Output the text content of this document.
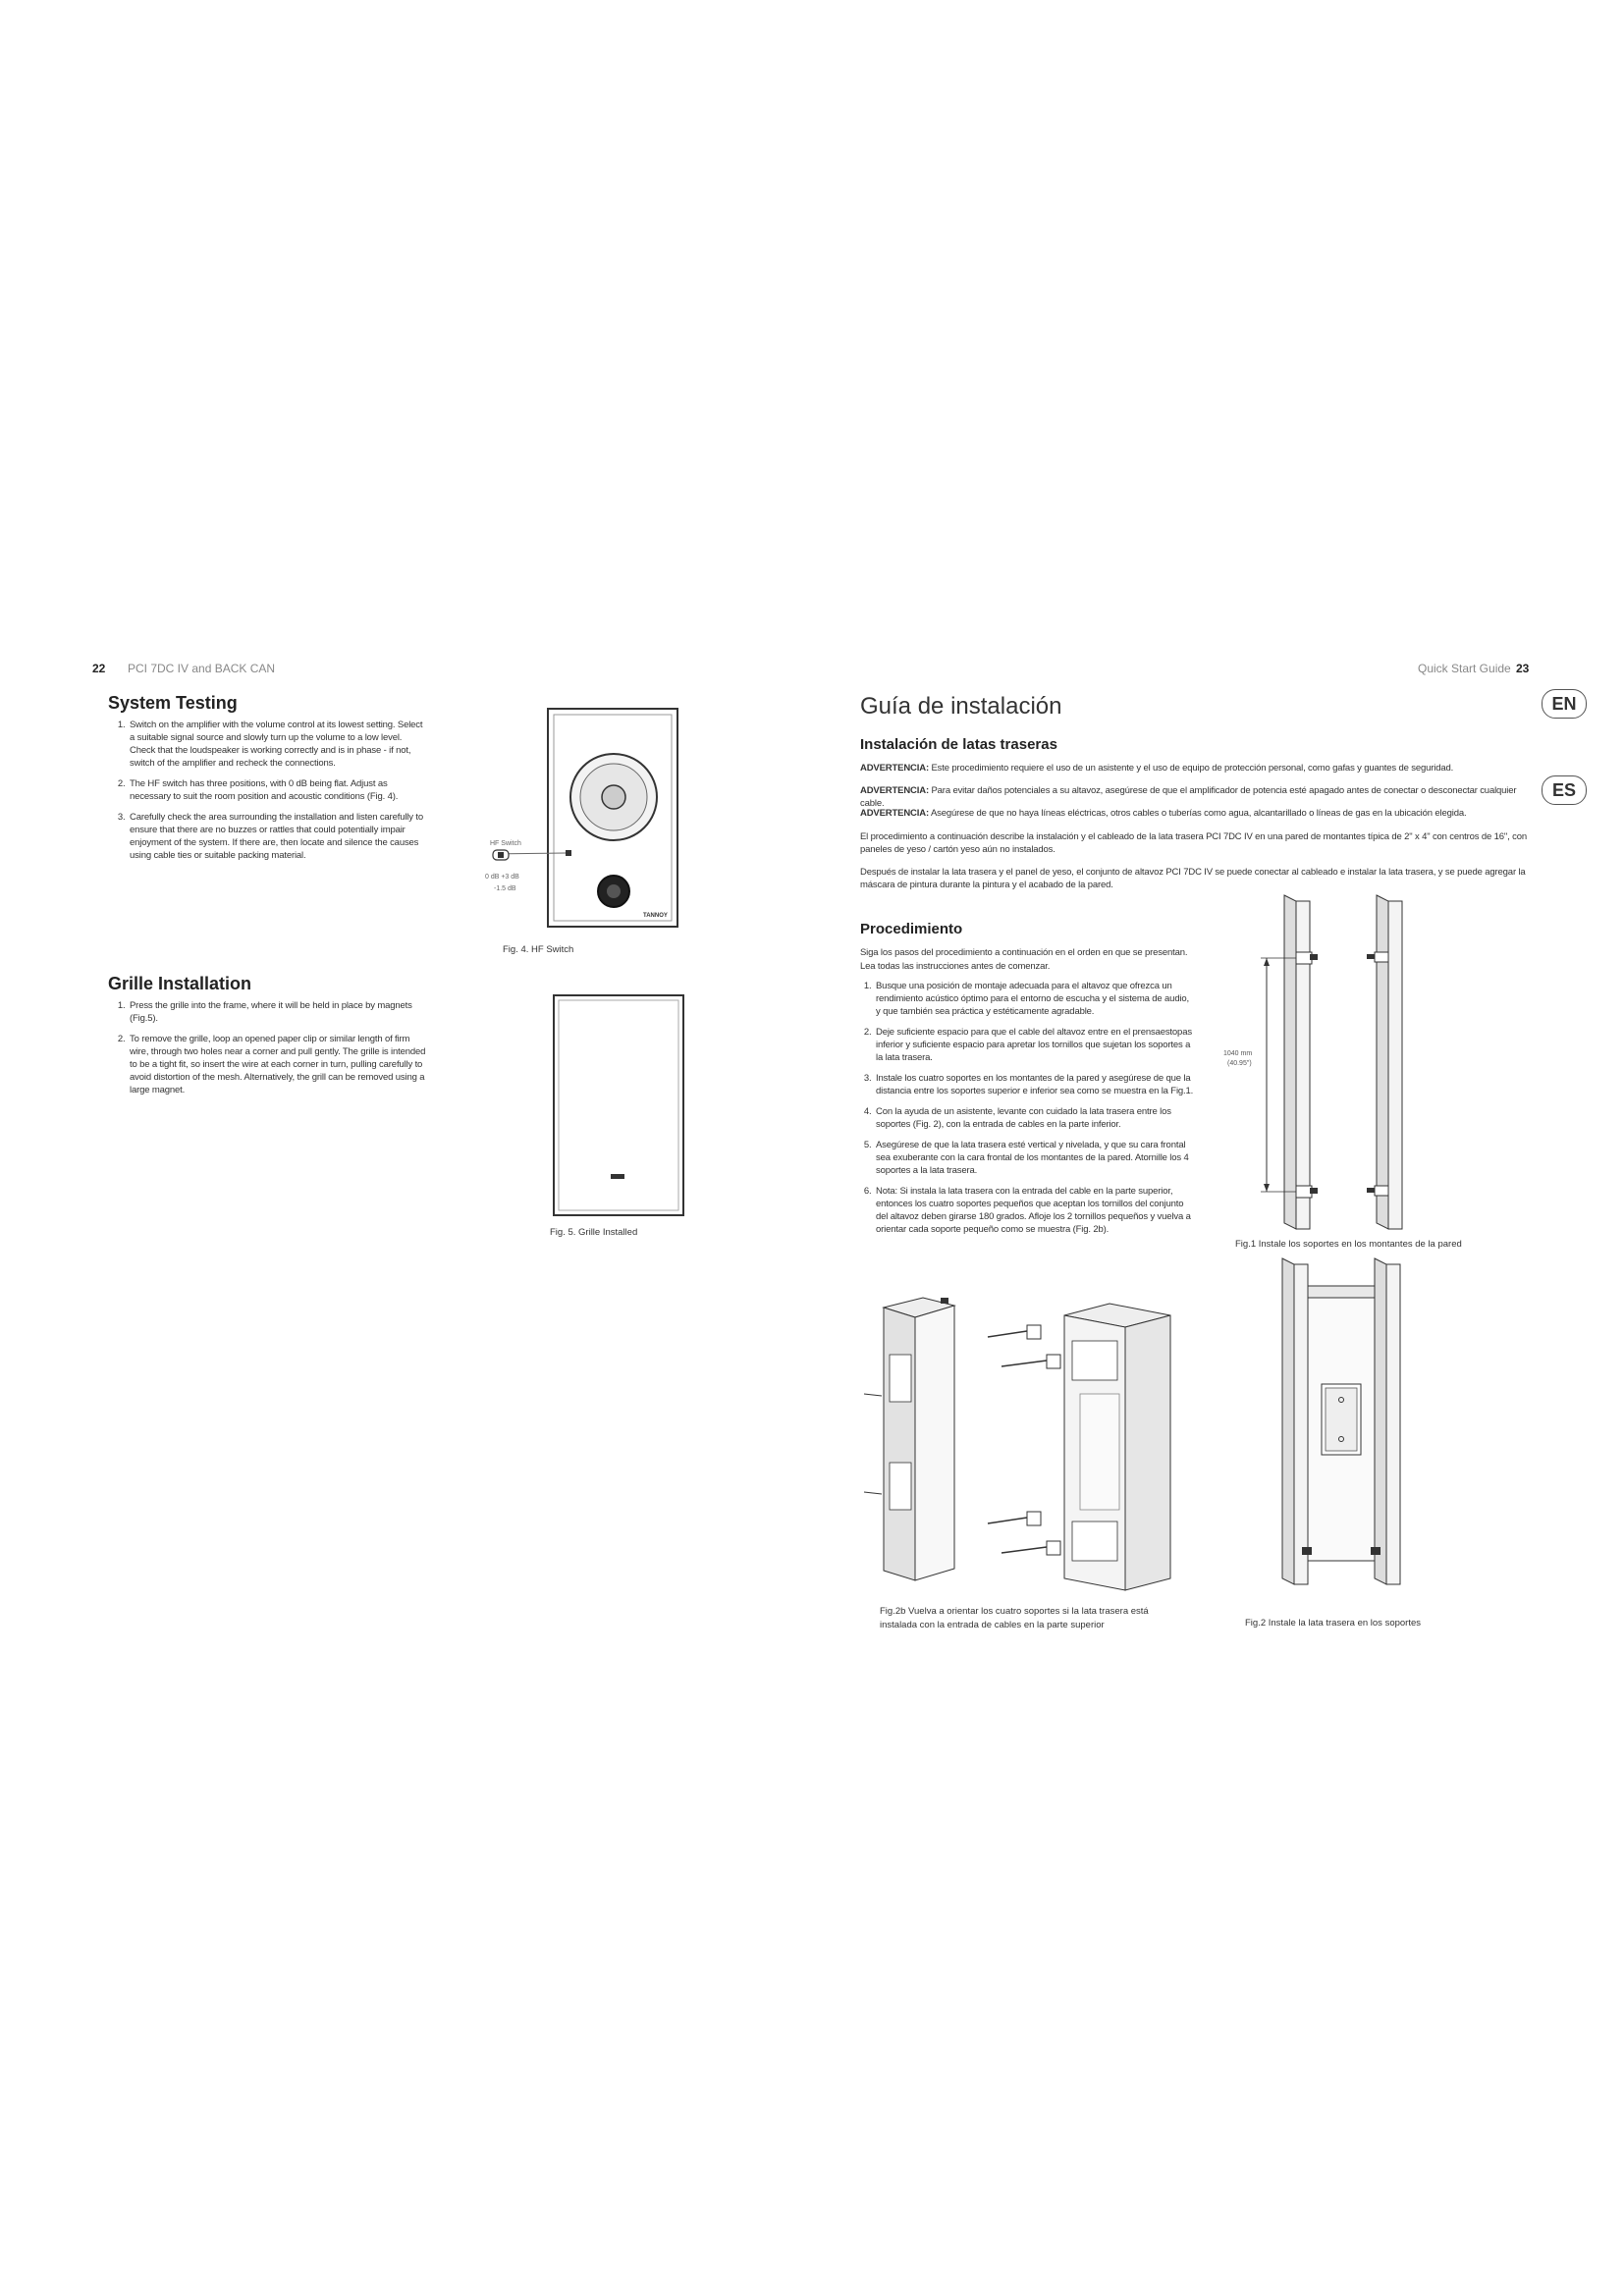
22 PCI 7DC IV and BACK CAN
System Testing
1. Switch on the amplifier with the volume control at its lowest setting. Select a suitable signal source and slowly turn up the volume to a low level. Check that the loudspeaker is working correctly and is in phase - if not, switch of the amplifier and recheck the connections.
2. The HF switch has three positions, with 0 dB being flat. Adjust as necessary to suit the room position and acoustic conditions (Fig. 4).
3. Carefully check the area surrounding the installation and listen carefully to ensure that there are no buzzes or rattles that could potentially impair enjoyment of the system. If there are, then locate and silence the causes using cable ties or suitable packing material.
HF Switch
0 dB +3 dB
-1.5 dB
TANNOY
Fig. 4. HF Switch
Grille Installation
1. Press the grille into the frame, where it will be held in place by magnets (Fig.5).
2. To remove the grille, loop an opened paper clip or similar length of firm wire, through two holes near a corner and pull gently. The grille is intended to be a tight fit, so insert the wire at each corner in turn, pulling carefully to avoid distortion of the mesh. Alternatively, the grill can be removed using a large magnet.
Fig. 5. Grille Installed
Quick Start Guide 23
EN
ES
Guía de instalación
Instalación de latas traseras
ADVERTENCIA: Este procedimiento requiere el uso de un asistente y el uso de equipo de protección personal, como gafas y guantes de seguridad.
ADVERTENCIA: Para evitar daños potenciales a su altavoz, asegúrese de que el amplificador de potencia esté apagado antes de conectar o desconectar cualquier cable.
ADVERTENCIA: Asegúrese de que no haya líneas eléctricas, otros cables o tuberías como agua, alcantarillado o líneas de gas en la ubicación elegida.
El procedimiento a continuación describe la instalación y el cableado de la lata trasera PCI 7DC IV en una pared de montantes típica de 2" x 4" con centros de 16", con paneles de yeso / cartón yeso aún no instalados.
Después de instalar la lata trasera y el panel de yeso, el conjunto de altavoz PCI 7DC IV se puede conectar al cableado e instalar la lata trasera, y se puede agregar la máscara de pintura durante la pintura y el acabado de la pared.
Procedimiento
Siga los pasos del procedimiento a continuación en el orden en que se presentan.
Lea todas las instrucciones antes de comenzar.
1. Busque una posición de montaje adecuada para el altavoz que ofrezca un rendimiento acústico óptimo para el entorno de escucha y el sistema de audio, y que también sea práctica y estéticamente agradable.
2. Deje suficiente espacio para que el cable del altavoz entre en el prensaestopas inferior y suficiente espacio para apretar los tornillos que sujetan los soportes a la lata trasera.
3. Instale los cuatro soportes en los montantes de la pared y asegúrese de que la distancia entre los soportes superior e inferior sea como se muestra en la Fig.1.
4. Con la ayuda de un asistente, levante con cuidado la lata trasera entre los soportes (Fig. 2), con la entrada de cables en la parte inferior.
5. Asegúrese de que la lata trasera esté vertical y nivelada, y que su cara frontal sea exuberante con la cara frontal de los montantes de la pared. Atornille los 4 soportes a la lata trasera.
6. Nota: Si instala la lata trasera con la entrada del cable en la parte superior, entonces los cuatro soportes pequeños que aceptan los tornillos del conjunto del altavoz deben girarse 180 grados. Afloje los 2 tornillos pequeños y vuelva a orientar cada soporte pequeño como se muestra (Fig. 2b).
1040 mm
(40.95")
Fig.1 Instale los soportes en los montantes de la pared
Fig.2 Instale la lata trasera en los soportes
Fig.2b Vuelva a orientar los cuatro soportes si la lata trasera está
instalada con la entrada de cables en la parte superior
